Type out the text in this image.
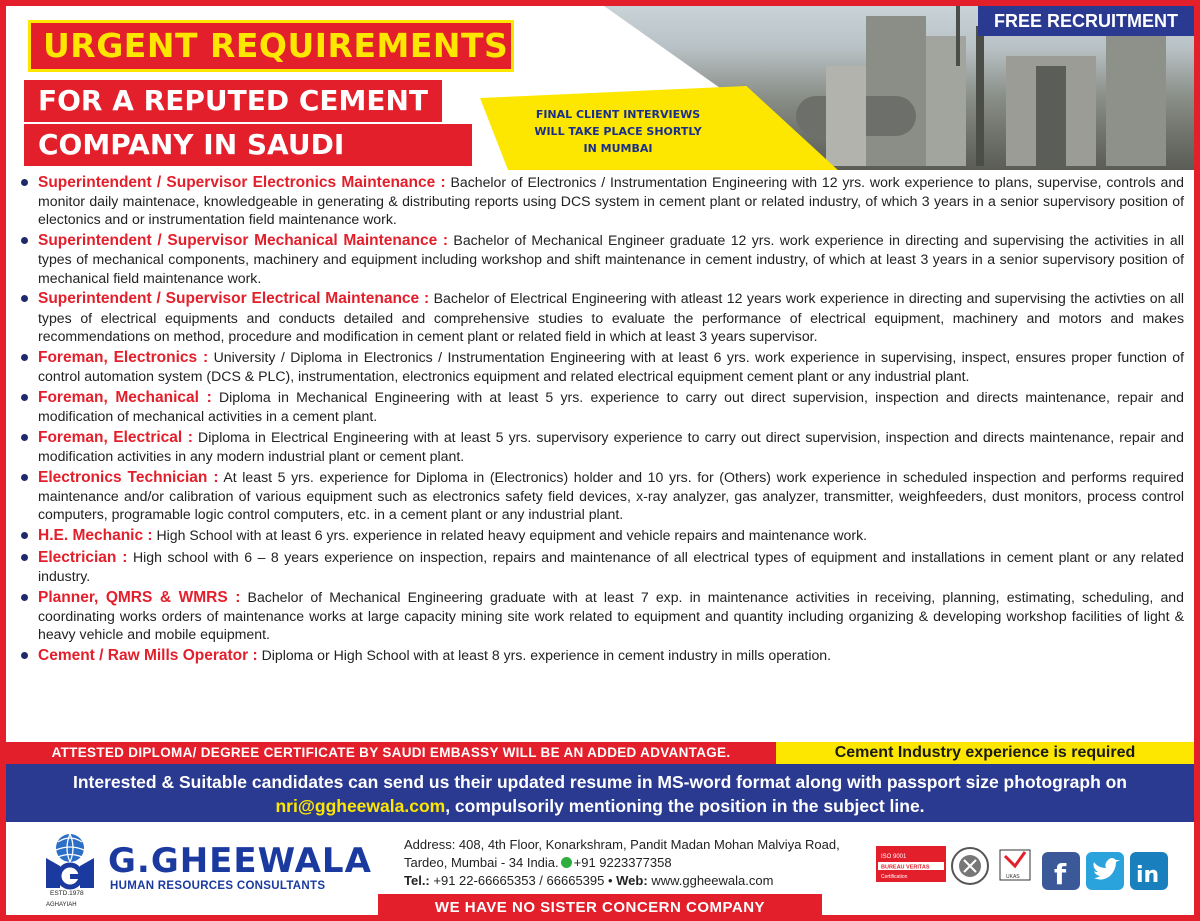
FINAL CLIENT INTERVIEWS
WILL TAKE PLACE SHORTLY
IN MUMBAI
URGENT REQUIREMENTS
FOR A REPUTED CEMENT
COMPANY IN SAUDI
FREE RECRUITMENT
Superintendent / Supervisor Electronics Maintenance : Bachelor of Electronics / Instrumentation Engineering with 12 yrs. work experience to plans, supervise, controls and monitor daily maintenace, knowledgeable in generating & distributing reports using DCS system in cement plant or related industry, of which 3 years in a senior supervisory position of electonics and or instrumentation field maintenance work.
Superintendent / Supervisor Mechanical Maintenance : Bachelor of Mechanical Engineer graduate 12 yrs. work experience in directing and supervising the activities in all types of mechanical components, machinery and equipment including workshop and shift maintenance in cement industry, of which at least 3 years in a senior supervisory position of mechanical field maintenance work.
Superintendent / Supervisor Electrical Maintenance : Bachelor of Electrical Engineering with atleast 12 years work experience in directing and supervising the activties on all types of electrical equipments and conducts detailed and comprehensive studies to evaluate the performance of electrical equipment, machinery and motors and makes recommendations on method, procedure and modification in cement plant or related field in which at least 3 years supervisor.
Foreman, Electronics : University / Diploma in Electronics / Instrumentation Engineering with at least 6 yrs. work experience in supervising, inspect, ensures proper function of control automation system (DCS & PLC), instrumentation, electronics equipment and related electrical equipment cement plant or any industrial plant.
Foreman, Mechanical : Diploma in Mechanical Engineering with at least 5 yrs. experience to carry out direct supervision, inspection and directs maintenance, repair and modification of mechanical activities in a cement plant.
Foreman, Electrical : Diploma in Electrical Engineering with at least 5 yrs. supervisory experience to carry out direct supervision, inspection and directs maintenance, repair and modification activities in any modern industrial plant or cement plant.
Electronics Technician : At least 5 yrs. experience for Diploma in (Electronics) holder and 10 yrs. for (Others) work experience in scheduled inspection and performs required maintenance and/or calibration of various equipment such as electronics safety field devices, x-ray analyzer, gas analyzer, transmitter, weighfeeders, dust monitors, process control computers, programable logic control computers, etc. in a cement plant or any industrial plant.
H.E. Mechanic : High School with at least 6 yrs. experience in related heavy equipment and vehicle repairs and maintenance work.
Electrician : High school with 6 – 8 years experience on inspection, repairs and maintenance of all electrical types of equipment and installations in cement plant or any related industry.
Planner, QMRS & WMRS : Bachelor of Mechanical Engineering graduate with at least 7 exp. in maintenance activities in receiving, planning, estimating, scheduling, and coordinating works orders of maintenance works at large capacity mining site work related to equipment and quantity including organizing & developing workshop facilities of light & heavy vehicle and mobile equipment.
Cement / Raw Mills Operator : Diploma or High School with at least 8 yrs. experience in cement industry in mills operation.
ATTESTED DIPLOMA/ DEGREE CERTIFICATE BY SAUDI EMBASSY WILL BE AN ADDED ADVANTAGE.	Cement Industry experience is required
Interested & Suitable candidates can send us their updated resume in MS-word format along with passport size photograph on
nri@ggheewala.com, compulsorily mentioning the position in the subject line.
ESTD.1978
AGHAYIAH
G.GHEEWALA
HUMAN RESOURCES CONSULTANTS
Address: 408, 4th Floor, Konarkshram, Pandit Madan Mohan Malviya Road,
Tardeo, Mumbai - 34 India. +91 9223377358
Tel.: +91 22-66665353 / 66665395 • Web: www.ggheewala.com
WE HAVE NO SISTER CONCERN COMPANY
ISO 9001
BUREAU VERITAS
Certification	UKAS f	in
